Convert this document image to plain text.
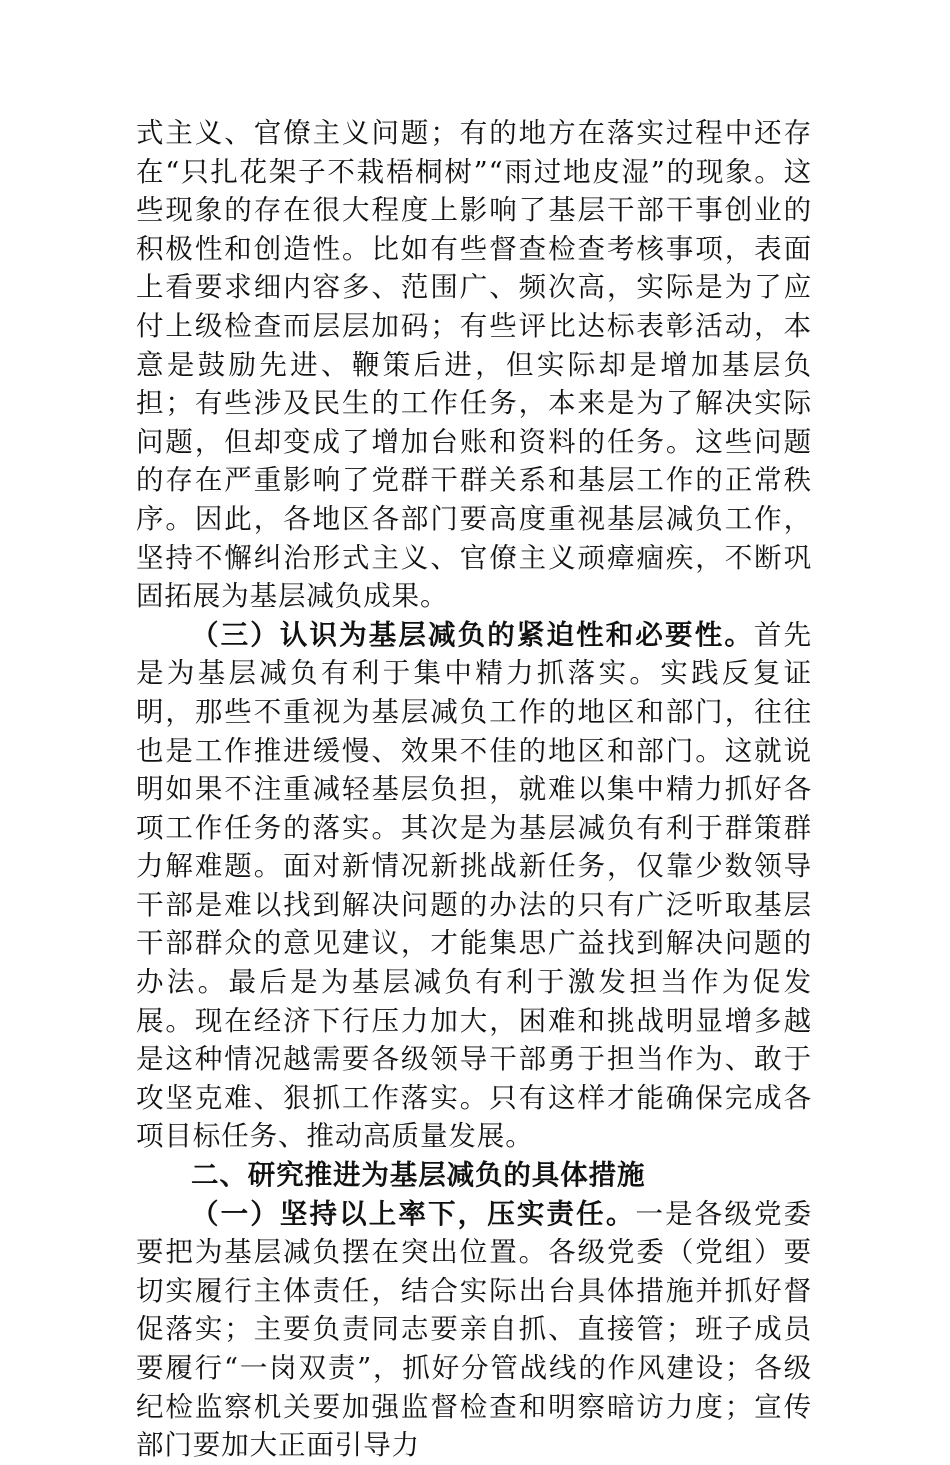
式主义、官僚主义问题；有的地方在落实过程中还存在“只扎花架子不栽梧桐树”“雨过地皮湿”的现象。这些现象的存在很大程度上影响了基层干部干事创业的积极性和创造性。比如有些督查检查考核事项，表面上看要求细内容多、范围广、频次高，实际是为了应付上级检查而层层加码；有些评比达标表彰活动，本意是鼓励先进、鞭策后进，但实际却是增加基层负担；有些涉及民生的工作任务，本来是为了解决实际问题，但却变成了增加台账和资料的任务。这些问题的存在严重影响了党群干群关系和基层工作的正常秩序。因此，各地区各部门要高度重视基层减负工作，坚持不懈纠治形式主义、官僚主义顽瘴痼疾，不断巩固拓展为基层减负成果。

（三）认识为基层减负的紧迫性和必要性。首先是为基层减负有利于集中精力抓落实。实践反复证明，那些不重视为基层减负工作的地区和部门，往往也是工作推进缓慢、效果不佳的地区和部门。这就说明如果不注重减轻基层负担，就难以集中精力抓好各项工作任务的落实。其次是为基层减负有利于群策群力解难题。面对新情况新挑战新任务，仅靠少数领导干部是难以找到解决问题的办法的只有广泛听取基层干部群众的意见建议，才能集思广益找到解决问题的办法。最后是为基层减负有利于激发担当作为促发展。现在经济下行压力加大，困难和挑战明显增多越是这种情况越需要各级领导干部勇于担当作为、敢于攻坚克难、狠抓工作落实。只有这样才能确保完成各项目标任务、推动高质量发展。

二、研究推进为基层减负的具体措施

（一）坚持以上率下，压实责任。一是各级党委要把为基层减负摆在突出位置。各级党委（党组）要切实履行主体责任，结合实际出台具体措施并抓好督促落实；主要负责同志要亲自抓、直接管；班子成员要履行“一岗双责”，抓好分管战线的作风建设；各级纪检监察机关要加强监督检查和明察暗访力度；宣传部门要加大正面引导力
